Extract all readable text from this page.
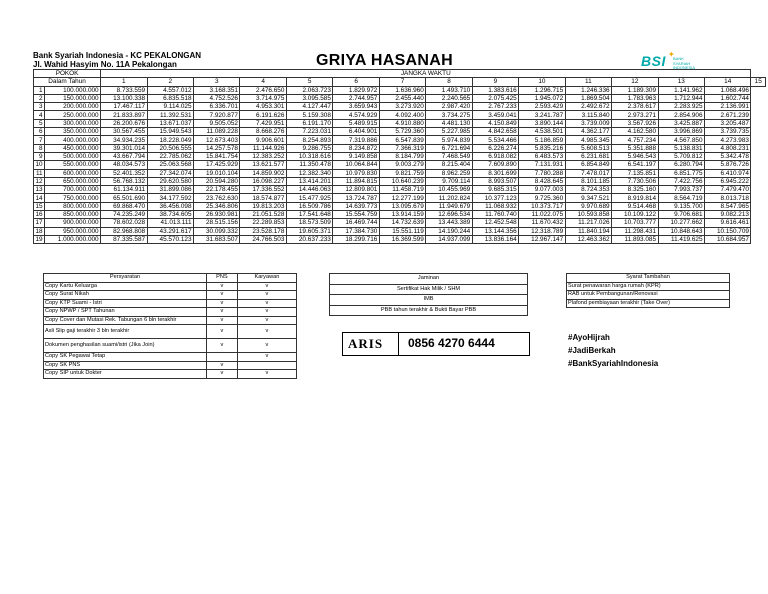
Bank Syariah Indonesia - KC PEKALONGAN
Jl. Wahid Hasyim No. 11A Pekalongan	GRIYA HASANAH	BSI ✦
BANK SYARIAH
INDONESIA
POKOK		JANGKA WAKTU														
Dalam Tahun		1	2	3	4	5	6	7	8	9	10	11	12	13	14	15
1	100.000.000	8.733.559	4.557.012	3.168.351	2.476.650	2.063.723	1.829.972	1.636.960	1.493.710	1.383.616	1.296.715	1.246.336	1.189.309	1.141.962	1.068.496	
2	150.000.000	13.100.338	6.835.518	4.752.526	3.714.975	3.095.585	2.744.957	2.455.440	2.240.565	2.075.425	1.945.072	1.869.504	1.783.963	1.712.944	1.602.744	
3	200.000.000	17.467.117	9.114.025	6.336.701	4.953.301	4.127.447	3.659.943	3.273.920	2.987.420	2.767.233	2.593.429	2.492.672	2.378.617	2.283.925	2.136.991	
4	250.000.000	21.833.897	11.392.531	7.920.877	6.191.626	5.159.308	4.574.929	4.092.400	3.734.275	3.459.041	3.241.787	3.115.840	2.973.271	2.854.906	2.671.239	
5	300.000.000	26.200.676	13.671.037	9.505.052	7.429.951	6.191.170	5.489.915	4.910.880	4.481.130	4.150.849	3.890.144	3.739.009	3.567.926	3.425.887	3.205.487	
6	350.000.000	30.567.455	15.949.543	11.089.228	8.668.276	7.223.031	6.404.901	5.729.360	5.227.985	4.842.658	4.538.501	4.362.177	4.162.580	3.996.869	3.739.735	
7	400.000.000	34.934.235	18.228.049	12.673.403	9.906.601	8.254.893	7.319.886	6.547.839	5.974.839	5.534.466	5.186.859	4.985.345	4.757.234	4.567.850	4.273.983	
8	450.000.000	39.301.014	20.506.555	14.257.578	11.144.926	9.286.755	8.234.872	7.366.319	6.721.694	6.226.274	5.835.216	5.608.513	5.351.888	5.138.831	4.808.231	
9	500.000.000	43.667.794	22.785.062	15.841.754	12.383.252	10.318.616	9.149.858	8.184.799	7.468.549	6.918.082	6.483.573	6.231.681	5.946.543	5.709.812	5.342.478	
10	550.000.000	48.034.573	25.063.568	17.425.929	13.621.577	11.350.478	10.064.844	9.003.279	8.215.404	7.609.890	7.131.931	6.854.849	6.541.197	6.280.794	5.876.726	
11	600.000.000	52.401.352	27.342.074	19.010.104	14.859.902	12.382.340	10.979.830	9.821.759	8.962.259	8.301.699	7.780.288	7.478.017	7.135.851	6.851.775	6.410.974	
12	650.000.000	56.768.132	29.620.580	20.594.280	16.098.227	13.414.201	11.894.815	10.640.239	9.709.114	8.993.507	8.428.645	8.101.185	7.730.506	7.422.756	6.945.222	
13	700.000.000	61.134.911	31.899.086	22.178.455	17.336.552	14.446.063	12.809.801	11.458.719	10.455.969	9.685.315	9.077.003	8.724.353	8.325.160	7.993.737	7.479.470	
14	750.000.000	65.501.690	34.177.592	23.762.630	18.574.877	15.477.925	13.724.787	12.277.199	11.202.824	10.377.123	9.725.360	9.347.521	8.919.814	8.564.719	8.013.718	
15	800.000.000	69.868.470	36.456.098	25.346.806	19.813.203	16.509.786	14.639.773	13.095.679	11.949.679	11.068.932	10.373.717	9.970.689	9.514.468	9.135.700	8.547.965	
16	850.000.000	74.235.249	38.734.605	26.930.981	21.051.528	17.541.648	15.554.759	13.914.159	12.696.534	11.760.740	11.022.075	10.593.858	10.109.122	9.706.681	9.082.213	
17	900.000.000	78.602.028	41.013.111	28.515.156	22.289.853	18.573.509	16.469.744	14.732.639	13.443.389	12.452.548	11.670.432	11.217.026	10.703.777	10.277.662	9.616.461	
18	950.000.000	82.968.808	43.291.617	30.099.332	23.528.178	19.605.371	17.384.730	15.551.119	14.190.244	13.144.356	12.318.789	11.840.194	11.298.431	10.848.643	10.150.709	
19	1.000.000.000	87.335.587	45.570.123	31.683.507	24.766.503	20.637.233	18.299.716	16.369.599	14.937.099	13.836.164	12.967.147	12.463.362	11.893.085	11.419.625	10.684.957	
Persyaratan	PNS	Karyawan
Copy Kartu Keluarga	v	v
Copy Surat Nikah	v	v
Copy KTP Suami - Istri	v	v
Copy NPWP / SPT Tahunan	v	v
Copy Cover dan Mutasi Rek. Tabungan 6 bln terakhir	v	v
Asli Slip gaji terakhir 3 bln terakhir	v	v
Dokumen penghasilan suami/istri (Jika Join)	v	v
Copy SK Pegawai Tetap		v
Copy SK PNS	v	
Copy SIP untuk Dokter	v	v
Jaminan
Sertifikat Hak Milik / SHM
IMB
PBB tahun terakhir & Bukti Bayar PBB
Syarat Tambahan
Surat penawaran harga rumah (KPR)
RAB untuk Pembangunan/Renovasi
Plafond pembiayaan terakhir (Take Over)
ARIS 0856 4270 6444	#AyoHijrah
#JadiBerkah
#BankSyariahIndonesia
